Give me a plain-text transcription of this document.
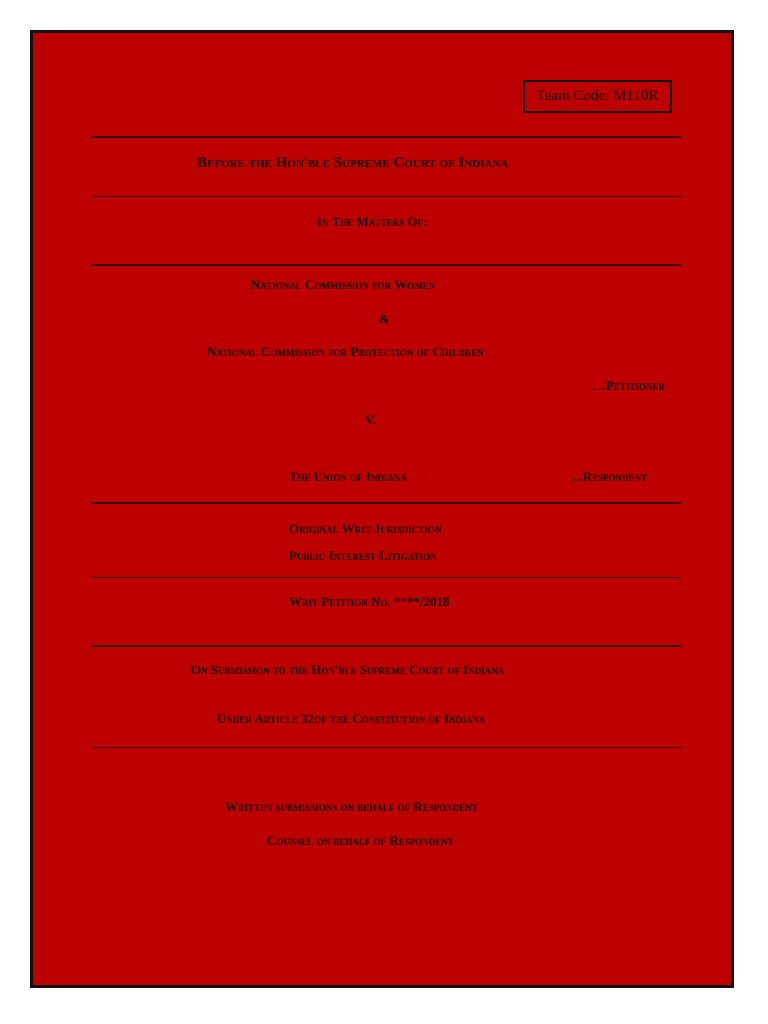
Team Code: M110R
Before the Hon'ble Supreme Court of Indiana
In The Matters Of:
National Commission for Women
&
National Commission for Protection of Children
…Petitioner
V.
The Union of Indiana	...Respondent
Original Writ Jurisdiction
Public Interest Litigation
Writ Petition No. ****/2018
On Submission to the Hon'ble Supreme Court of Indiana
Under Article 32of the Constitution of Indiana
Written submissions on behalf of Respondent
Counsel on behalf of Respondent
